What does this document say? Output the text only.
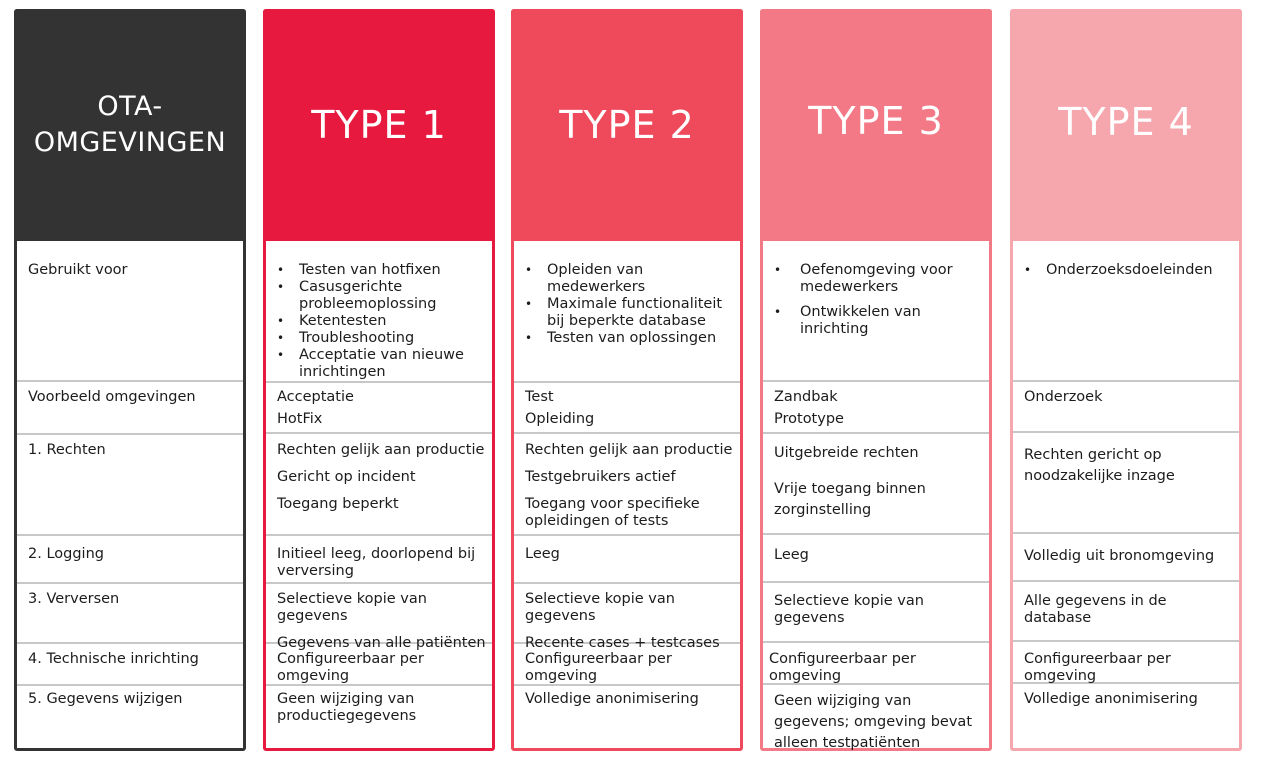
OTA-
OMGEVINGEN
Gebruikt voor
Voorbeeld omgevingen
1. Rechten
2. Logging
3. Verversen
4. Technische inrichting
5. Gegevens wijzigen
TYPE 1
• Testen van hotfixen
• Casusgerichte probleemoplossing
• Ketentesten
• Troubleshooting
• Acceptatie van nieuwe inrichtingen
Acceptatie
HotFix
Rechten gelijk aan productie
Gericht op incident
Toegang beperkt
Initieel leeg, doorlopend bij verversing
Selectieve kopie van gegevens
Gegevens van alle patiënten
Configureerbaar per omgeving
Geen wijziging van productiegegevens
TYPE 2
• Opleiden van medewerkers
• Maximale functionaliteit bij beperkte database
• Testen van oplossingen
Test
Opleiding
Rechten gelijk aan productie
Testgebruikers actief
Toegang voor specifieke opleidingen of tests
Leeg
Selectieve kopie van gegevens
Recente cases + testcases
Configureerbaar per omgeving
Volledige anonimisering
TYPE 3
• Oefenomgeving voor medewerkers
• Ontwikkelen van inrichting
Zandbak
Prototype
Uitgebreide rechten
Vrije toegang binnen zorginstelling
Leeg
Selectieve kopie van gegevens
Configureerbaar per omgeving
Geen wijziging van gegevens; omgeving bevat alleen testpatiënten
TYPE 4
• Onderzoeksdoeleinden
Onderzoek
Rechten gericht op noodzakelijke inzage
Volledig uit bronomgeving
Alle gegevens in de database
Configureerbaar per omgeving
Volledige anonimisering
